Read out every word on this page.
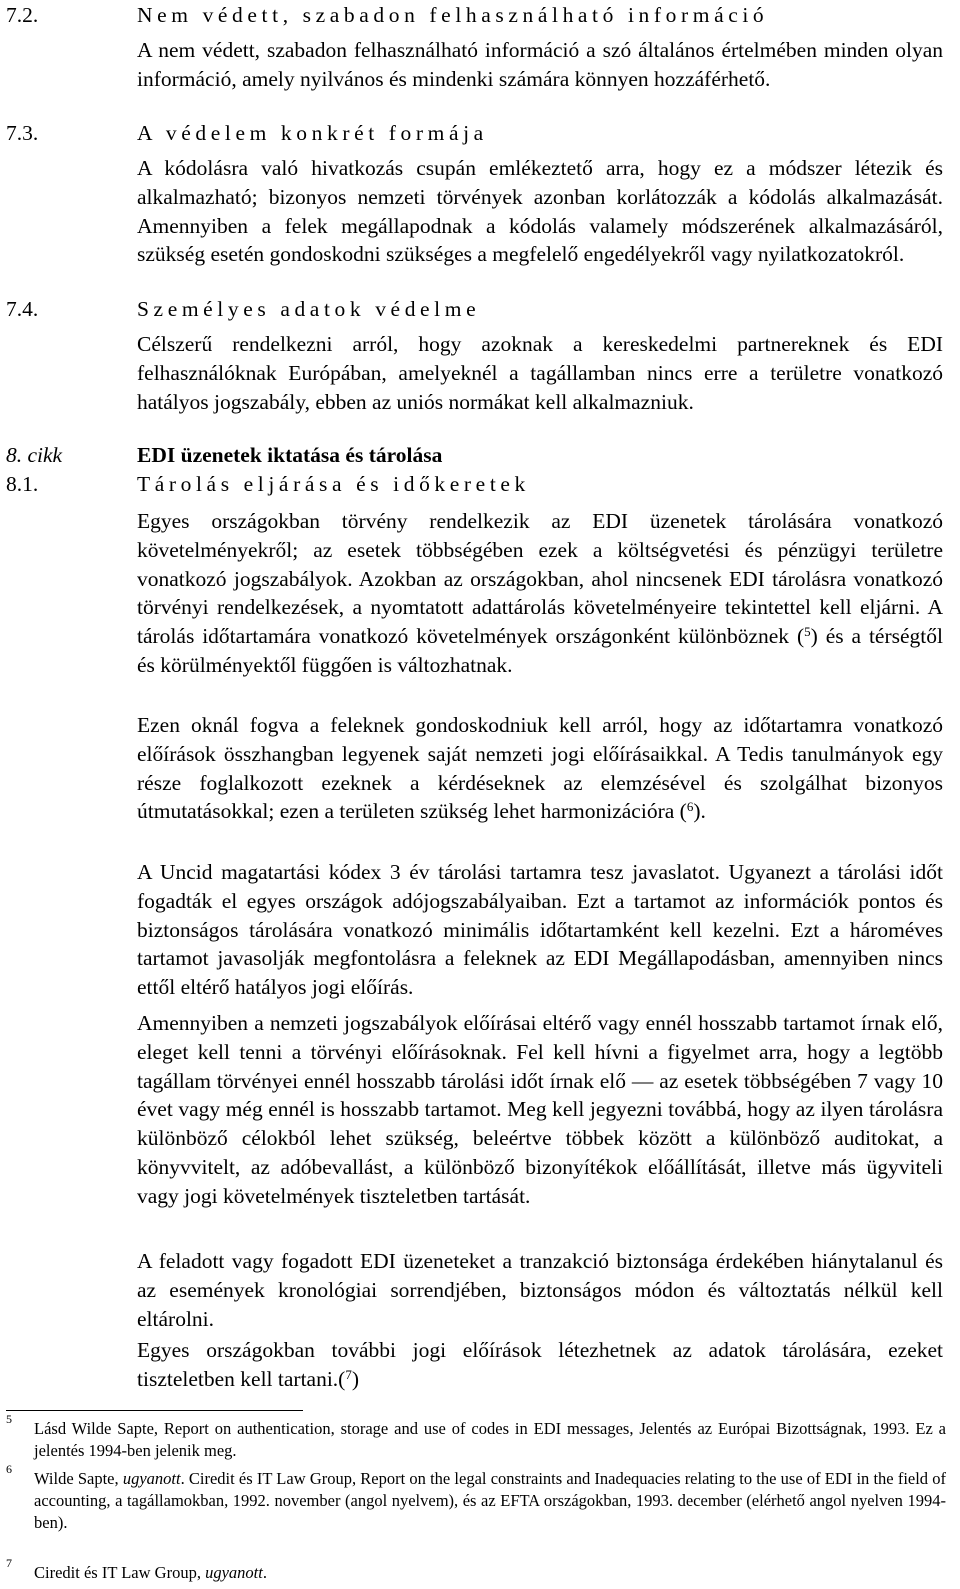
7.2.	Nem védett, szabadon felhasználható információ

A nem védett, szabadon felhasználható információ a szó általános értelmében minden olyan információ, amely nyilvános és mindenki számára könnyen hozzáférhető.

7.3.	A védelem konkrét formája

A kódolásra való hivatkozás csupán emlékeztető arra, hogy ez a módszer létezik és alkalmazható; bizonyos nemzeti törvények azonban korlátozzák a kódolás alkalmazását. Amennyiben a felek megállapodnak a kódolás valamely módszerének alkalmazásáról, szükség esetén gondoskodni szükséges a megfelelő engedélyekről vagy nyilatkozatokról.

7.4.	Személyes adatok védelme

Célszerű rendelkezni arról, hogy azoknak a kereskedelmi partnereknek és EDI felhasználóknak Európában, amelyeknél a tagállamban nincs erre a területre vonatkozó hatályos jogszabály, ebben az uniós normákat kell alkalmazniuk.

8. cikk	EDI üzenetek iktatása és tárolása
8.1.	Tárolás eljárása és időkeretek

Egyes országokban törvény rendelkezik az EDI üzenetek tárolására vonatkozó követelményekről; az esetek többségében ezek a költségvetési és pénzügyi területre vonatkozó jogszabályok. Azokban az országokban, ahol nincsenek EDI tárolásra vonatkozó törvényi rendelkezések, a nyomtatott adattárolás követelményeire tekintettel kell eljárni. A tárolás időtartamára vonatkozó követelmények országonként különböznek ($^5$) és a térségtől és körülményektől függően is változhatnak.

Ezen oknál fogva a feleknek gondoskodniuk kell arról, hogy az időtartamra vonatkozó előírások összhangban legyenek saját nemzeti jogi előírásaikkal. A Tedis tanulmányok egy része foglalkozott ezeknek a kérdéseknek az elemzésével és szolgálhat bizonyos útmutatásokkal; ezen a területen szükség lehet harmonizációra ($^6$).

A Uncid magatartási kódex 3 év tárolási tartamra tesz javaslatot. Ugyanezt a tárolási időt fogadták el egyes országok adójogszabályaiban. Ezt a tartamot az információk pontos és biztonságos tárolására vonatkozó minimális időtartamként kell kezelni. Ezt a hároméves tartamot javasolják megfontolásra a feleknek az EDI Megállapodásban, amennyiben nincs ettől eltérő hatályos jogi előírás.

Amennyiben a nemzeti jogszabályok előírásai eltérő vagy ennél hosszabb tartamot írnak elő, eleget kell tenni a törvényi előírásoknak. Fel kell hívni a figyelmet arra, hogy a legtöbb tagállam törvényei ennél hosszabb tárolási időt írnak elő — az esetek többségében 7 vagy 10 évet vagy még ennél is hosszabb tartamot. Meg kell jegyezni továbbá, hogy az ilyen tárolásra különböző célokból lehet szükség, beleértve többek között a különböző auditokat, a könyvvitelt, az adóbevallást, a különböző bizonyítékok előállítását, illetve más ügyviteli vagy jogi követelmények tiszteletben tartását.

A feladott vagy fogadott EDI üzeneteket a tranzakció biztonsága érdekében hiánytalanul és az események kronológiai sorrendjében, biztonságos módon és változtatás nélkül kell eltárolni.

Egyes országokban további jogi előírások létezhetnek az adatok tárolására, ezeket tiszteletben kell tartani.($^7$)

5 Lásd Wilde Sapte, Report on authentication, storage and use of codes in EDI messages, Jelentés az Európai Bizottságnak, 1993. Ez a jelentés 1994-ben jelenik meg.
6 Wilde Sapte, ugyanott. Ciredit és IT Law Group, Report on the legal constraints and Inadequacies relating to the use of EDI in the field of accounting, a tagállamokban, 1992. november (angol nyelvem), és az EFTA országokban, 1993. december (elérhető angol nyelven 1994-ben).
7 Ciredit és IT Law Group, ugyanott.
